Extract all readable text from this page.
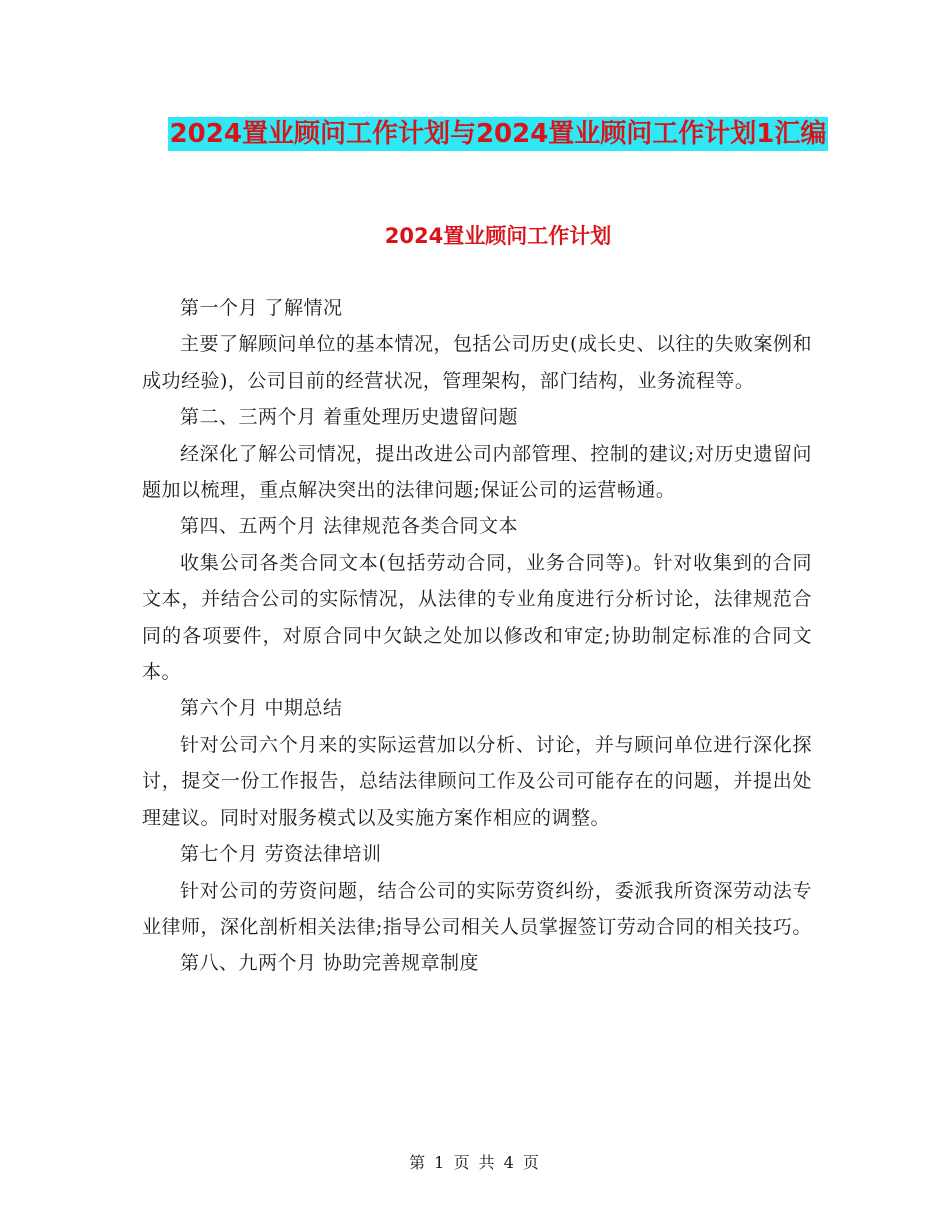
2024置业顾问工作计划与2024置业顾问工作计划1汇编
2024置业顾问工作计划

第一个月 了解情况

主要了解顾问单位的基本情况，包括公司历史(成长史、以往的失败案例和成功经验)，公司目前的经营状况，管理架构，部门结构，业务流程等。

第二、三两个月 着重处理历史遗留问题

经深化了解公司情况，提出改进公司内部管理、控制的建议;对历史遗留问题加以梳理，重点解决突出的法律问题;保证公司的运营畅通。

第四、五两个月 法律规范各类合同文本

收集公司各类合同文本(包括劳动合同，业务合同等)。针对收集到的合同文本，并结合公司的实际情况，从法律的专业角度进行分析讨论，法律规范合同的各项要件，对原合同中欠缺之处加以修改和审定;协助制定标准的合同文本。

第六个月 中期总结

针对公司六个月来的实际运营加以分析、讨论，并与顾问单位进行深化探讨，提交一份工作报告，总结法律顾问工作及公司可能存在的问题，并提出处理建议。同时对服务模式以及实施方案作相应的调整。

第七个月 劳资法律培训

针对公司的劳资问题，结合公司的实际劳资纠纷，委派我所资深劳动法专业律师，深化剖析相关法律;指导公司相关人员掌握签订劳动合同的相关技巧。

第八、九两个月 协助完善规章制度

第 1 页 共 4 页
